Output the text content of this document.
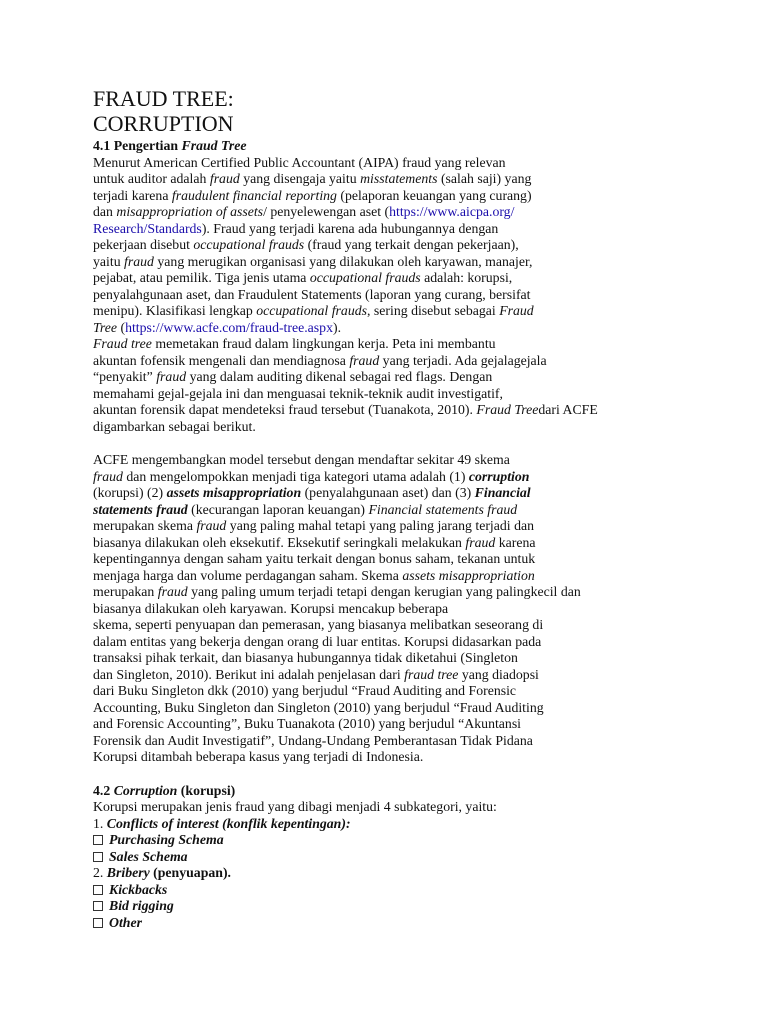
FRAUD TREE:
CORRUPTION
4.1 Pengertian Fraud Tree
Menurut American Certified Public Accountant (AIPA) fraud yang relevan
untuk auditor adalah fraud yang disengaja yaitu misstatements (salah saji) yang
terjadi karena fraudulent financial reporting (pelaporan keuangan yang curang)
dan misappropriation of assets/ penyelewengan aset (https://www.aicpa.org/
Research/Standards). Fraud yang terjadi karena ada hubungannya dengan
pekerjaan disebut occupational frauds (fraud yang terkait dengan pekerjaan),
yaitu fraud yang merugikan organisasi yang dilakukan oleh karyawan, manajer,
pejabat, atau pemilik. Tiga jenis utama occupational frauds adalah: korupsi,
penyalahgunaan aset, dan Fraudulent Statements (laporan yang curang, bersifat
menipu). Klasifikasi lengkap occupational frauds, sering disebut sebagai Fraud
Tree (https://www.acfe.com/fraud-tree.aspx).
Fraud tree memetakan fraud dalam lingkungan kerja. Peta ini membantu
akuntan fofensik mengenali dan mendiagnosa fraud yang terjadi. Ada gejalagejala
“penyakit” fraud yang dalam auditing dikenal sebagai red flags. Dengan
memahami gejal-gejala ini dan menguasai teknik-teknik audit investigatif,
akuntan forensik dapat mendeteksi fraud tersebut (Tuanakota, 2010). Fraud Treedari ACFE
digambarkan sebagai berikut.
ACFE mengembangkan model tersebut dengan mendaftar sekitar 49 skema
fraud dan mengelompokkan menjadi tiga kategori utama adalah (1) corruption
(korupsi) (2) assets misappropriation (penyalahgunaan aset) dan (3) Financial
statements fraud (kecurangan laporan keuangan) Financial statements fraud
merupakan skema fraud yang paling mahal tetapi yang paling jarang terjadi dan
biasanya dilakukan oleh eksekutif. Eksekutif seringkali melakukan fraud karena
kepentingannya dengan saham yaitu terkait dengan bonus saham, tekanan untuk
menjaga harga dan volume perdagangan saham. Skema assets misappropriation
merupakan fraud yang paling umum terjadi tetapi dengan kerugian yang palingkecil dan
biasanya dilakukan oleh karyawan. Korupsi mencakup beberapa
skema, seperti penyuapan dan pemerasan, yang biasanya melibatkan seseorang di
dalam entitas yang bekerja dengan orang di luar entitas. Korupsi didasarkan pada
transaksi pihak terkait, dan biasanya hubungannya tidak diketahui (Singleton
dan Singleton, 2010). Berikut ini adalah penjelasan dari fraud tree yang diadopsi
dari Buku Singleton dkk (2010) yang berjudul “Fraud Auditing and Forensic
Accounting, Buku Singleton dan Singleton (2010) yang berjudul “Fraud Auditing
and Forensic Accounting”, Buku Tuanakota (2010) yang berjudul “Akuntansi
Forensik dan Audit Investigatif”, Undang-Undang Pemberantasan Tidak Pidana
Korupsi ditambah beberapa kasus yang terjadi di Indonesia.
4.2 Corruption (korupsi)
Korupsi merupakan jenis fraud yang dibagi menjadi 4 subkategori, yaitu:
1. Conflicts of interest (konflik kepentingan):
Purchasing Schema
Sales Schema
2. Bribery (penyuapan).
Kickbacks
Bid rigging
Other
